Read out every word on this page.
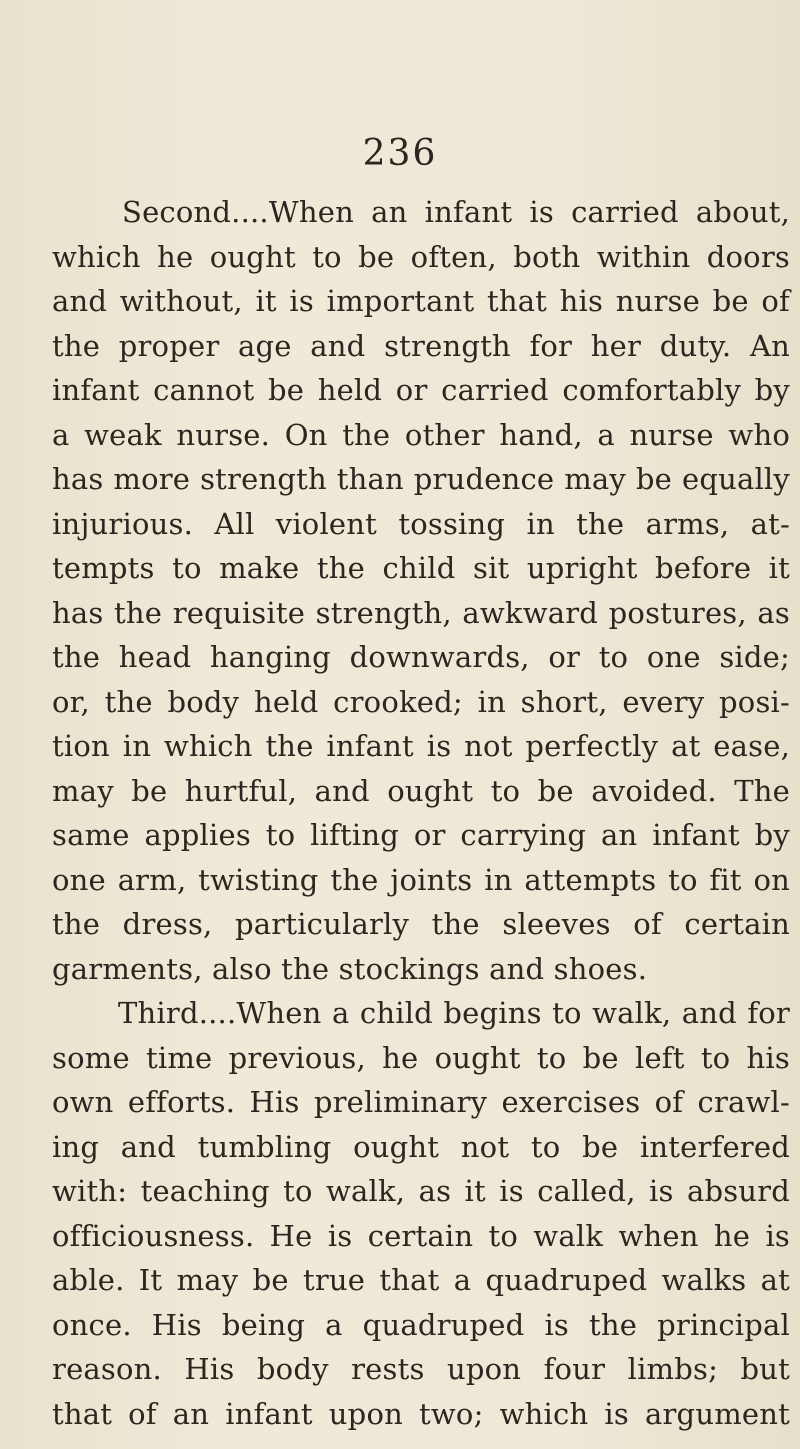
236
Second....When an infant is carried about,
which he ought to be often, both within doors
and without, it is important that his nurse be of
the proper age and strength for her duty. An
infant cannot be held or carried comfortably by
a weak nurse. On the other hand, a nurse who
has more strength than prudence may be equally
injurious. All violent tossing in the arms, at-
tempts to make the child sit upright before it
has the requisite strength, awkward postures, as
the head hanging downwards, or to one side;
or, the body held crooked; in short, every posi-
tion in which the infant is not perfectly at ease,
may be hurtful, and ought to be avoided. The
same applies to lifting or carrying an infant by
one arm, twisting the joints in attempts to fit on
the dress, particularly the sleeves of certain
garments, also the stockings and shoes.
Third....When a child begins to walk, and for
some time previous, he ought to be left to his
own efforts. His preliminary exercises of crawl-
ing and tumbling ought not to be interfered
with: teaching to walk, as it is called, is absurd
officiousness. He is certain to walk when he is
able. It may be true that a quadruped walks at
once. His being a quadruped is the principal
reason. His body rests upon four limbs; but
that of an infant upon two; which is argument
